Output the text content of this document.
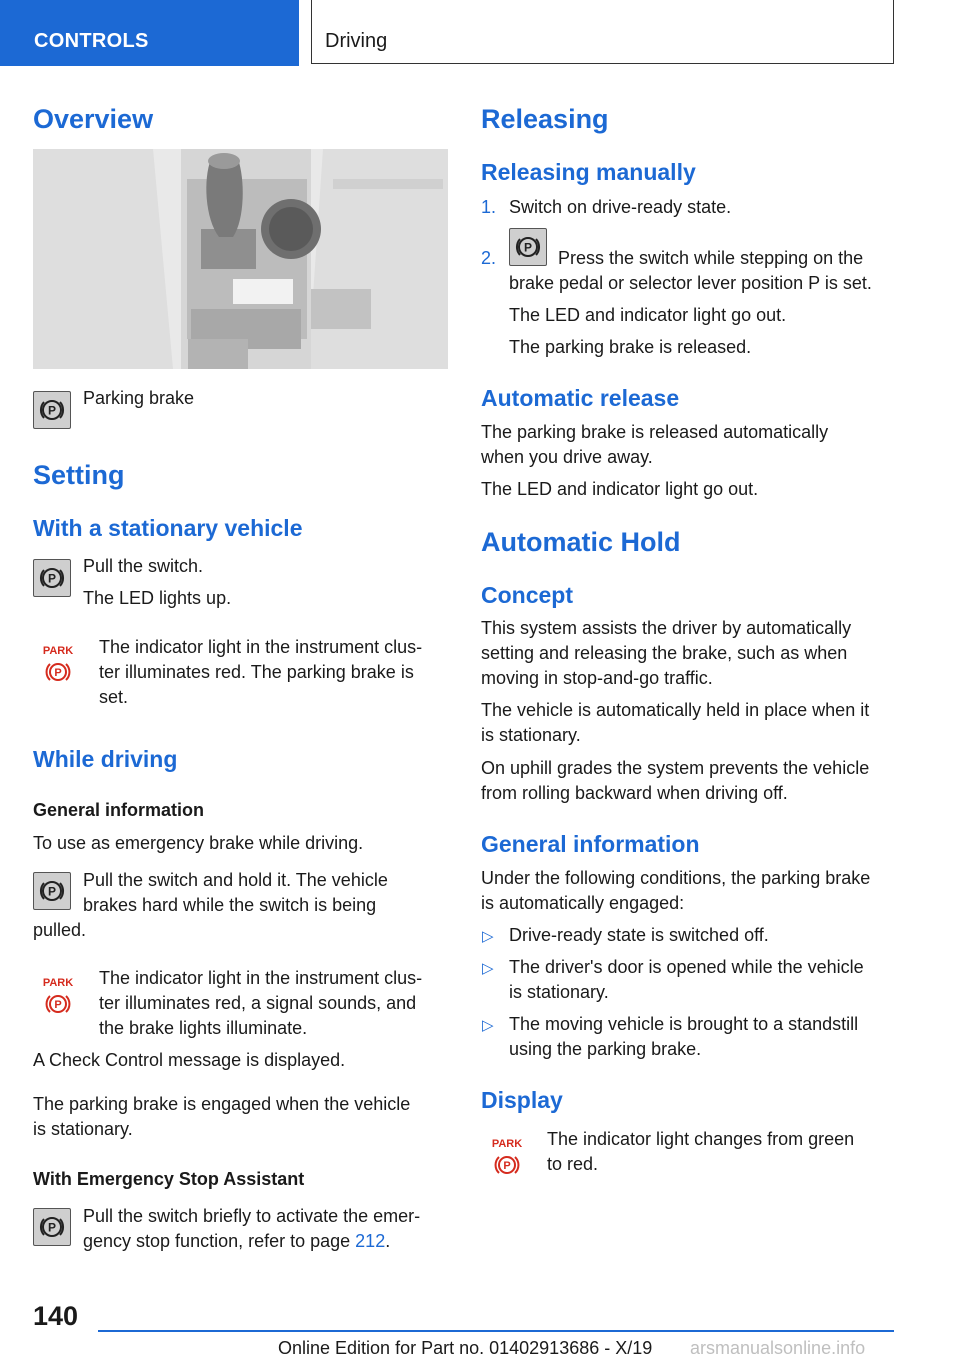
CONTROLS	Driving
Overview
P

Parking brake

Setting
With a stationary vehicle
P

Pull the switch.

The LED lights up.

PARK
P

The indicator light in the instrument clus‐

ter illuminates red. The parking brake is

set.

While driving
General information

To use as emergency brake while driving.

P

Pull the switch and hold it. The vehicle

brakes hard while the switch is being

pulled.

PARK
P

The indicator light in the instrument clus‐

ter illuminates red, a signal sounds, and

the brake lights illuminate.

A Check Control message is displayed.

The parking brake is engaged when the vehicle

is stationary.

With Emergency Stop Assistant
P

Pull the switch briefly to activate the emer‐

gency stop function, refer to page 212.

Releasing
Releasing manually
1. Switch on drive-ready state.

2.
P

Press the switch while stepping on the

brake pedal or selector lever position P is set.

The LED and indicator light go out.

The parking brake is released.

Automatic release

The parking brake is released automatically

when you drive away.

The LED and indicator light go out.

Automatic Hold
Concept

This system assists the driver by automatically

setting and releasing the brake, such as when

moving in stop-and-go traffic.

The vehicle is automatically held in place when it

is stationary.

On uphill grades the system prevents the vehicle

from rolling backward when driving off.

General information

Under the following conditions, the parking brake

is automatically engaged:

▷ Drive-ready state is switched off.

▷ The driver's door is opened while the vehicle

is stationary.

▷ The moving vehicle is brought to a standstill

using the parking brake.

Display
PARK
P

The indicator light changes from green

to red.

140
Online Edition for Part no. 01402913686 - X/19 arsmanualsonline.info
